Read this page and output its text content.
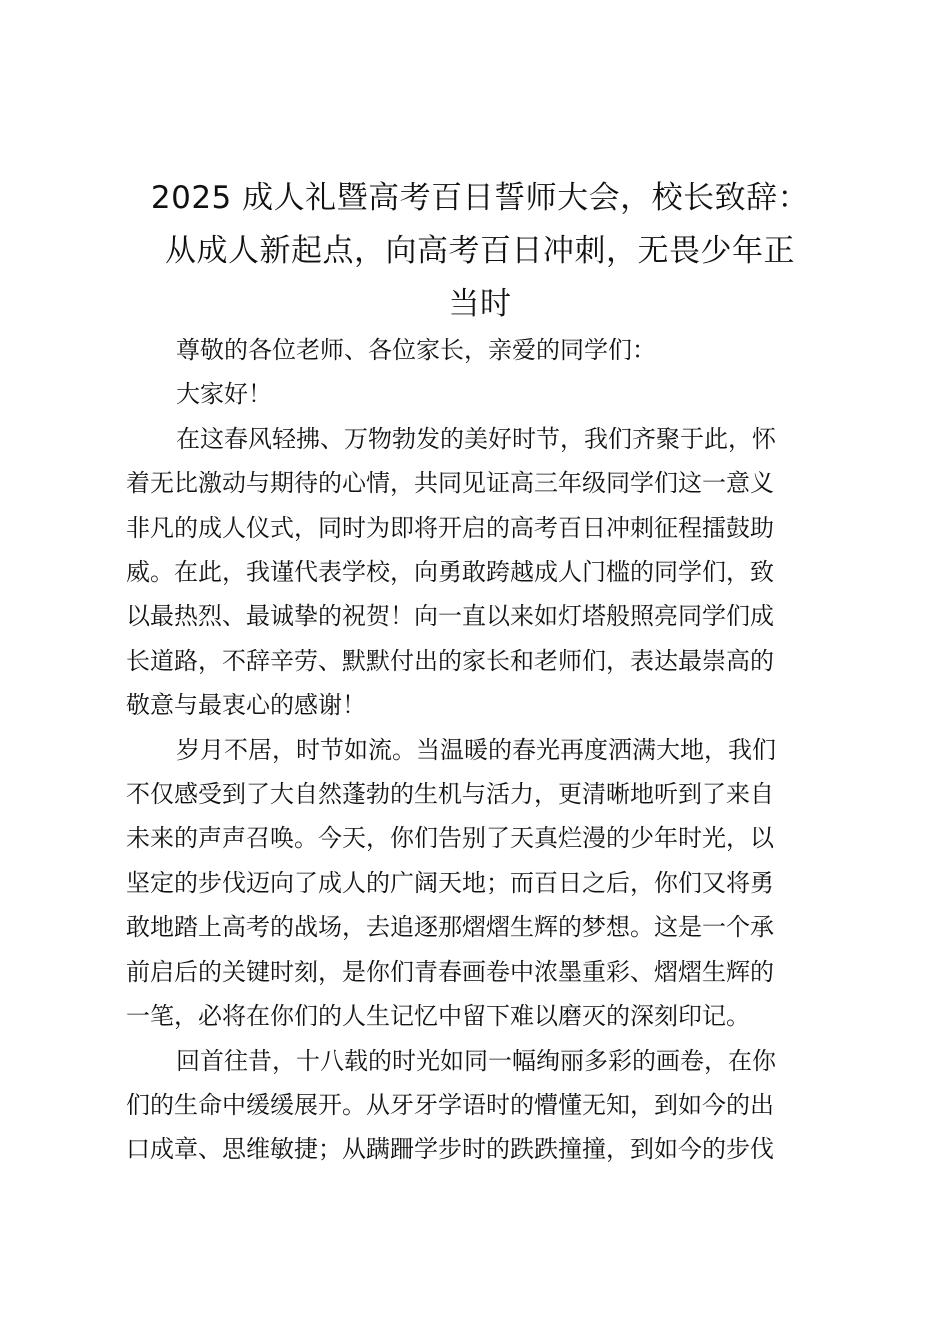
2025 成人礼暨高考百日誓师大会，校长致辞：
从成人新起点，向高考百日冲刺，无畏少年正
当时

尊敬的各位老师、各位家长，亲爱的同学们：

大家好！

在这春风轻拂、万物勃发的美好时节，我们齐聚于此，怀
着无比激动与期待的心情，共同见证高三年级同学们这一意义
非凡的成人仪式，同时为即将开启的高考百日冲刺征程擂鼓助
威。在此，我谨代表学校，向勇敢跨越成人门槛的同学们，致
以最热烈、最诚挚的祝贺！向一直以来如灯塔般照亮同学们成
长道路，不辞辛劳、默默付出的家长和老师们，表达最崇高的
敬意与最衷心的感谢！

岁月不居，时节如流。当温暖的春光再度洒满大地，我们
不仅感受到了大自然蓬勃的生机与活力，更清晰地听到了来自
未来的声声召唤。今天，你们告别了天真烂漫的少年时光，以
坚定的步伐迈向了成人的广阔天地；而百日之后，你们又将勇
敢地踏上高考的战场，去追逐那熠熠生辉的梦想。这是一个承
前启后的关键时刻，是你们青春画卷中浓墨重彩、熠熠生辉的
一笔，必将在你们的人生记忆中留下难以磨灭的深刻印记。

回首往昔，十八载的时光如同一幅绚丽多彩的画卷，在你
们的生命中缓缓展开。从牙牙学语时的懵懂无知，到如今的出
口成章、思维敏捷；从蹒跚学步时的跌跌撞撞，到如今的步伐
